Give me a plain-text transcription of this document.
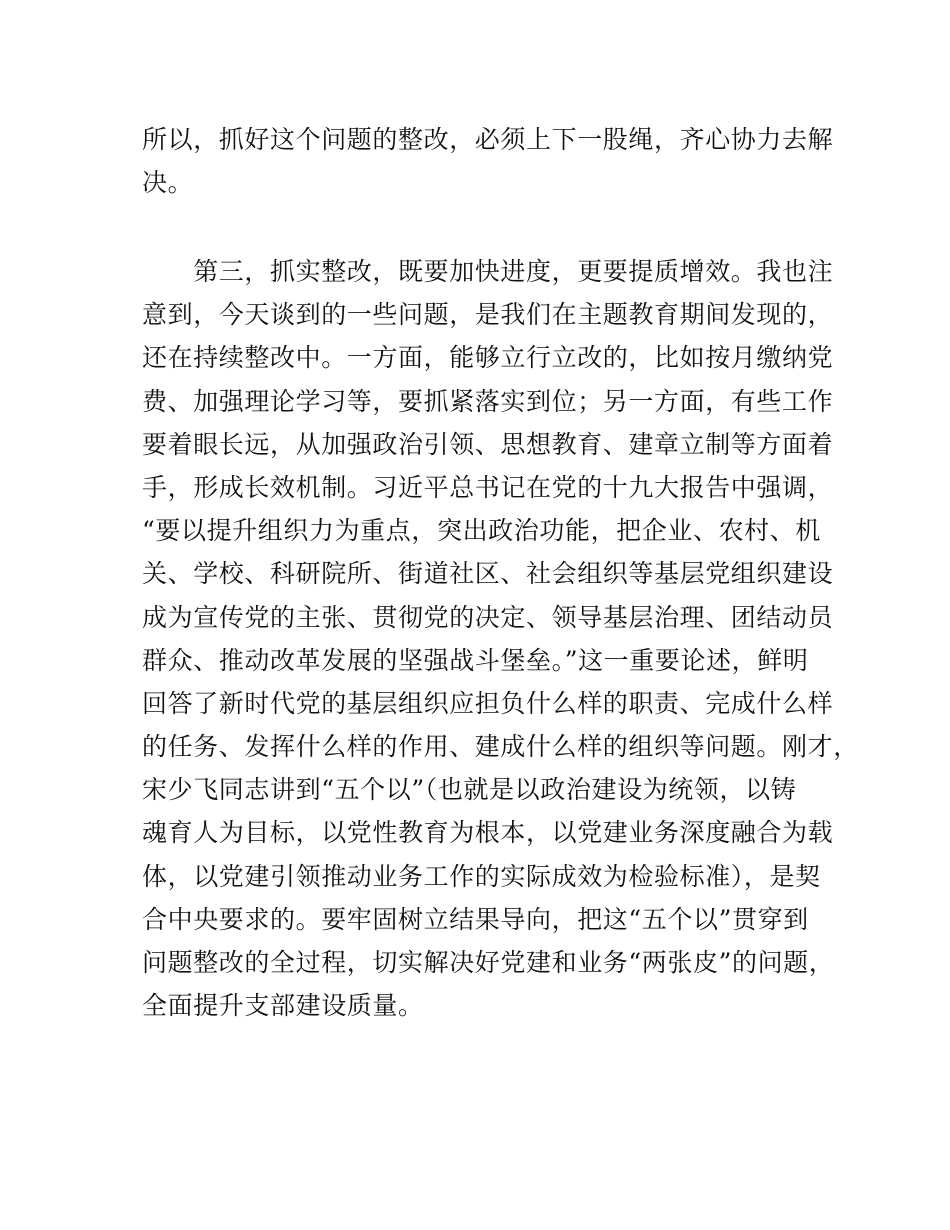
所以，抓好这个问题的整改，必须上下一股绳，齐心协力去解
决。
　　第三，抓实整改，既要加快进度，更要提质增效。我也注
意到，今天谈到的一些问题，是我们在主题教育期间发现的，
还在持续整改中。一方面，能够立行立改的，比如按月缴纳党
费、加强理论学习等，要抓紧落实到位；另一方面，有些工作
要着眼长远，从加强政治引领、思想教育、建章立制等方面着
手，形成长效机制。习近平总书记在党的十九大报告中强调，
“要以提升组织力为重点，突出政治功能，把企业、农村、机
关、学校、科研院所、街道社区、社会组织等基层党组织建设
成为宣传党的主张、贯彻党的决定、领导基层治理、团结动员
群众、推动改革发展的坚强战斗堡垒。”这一重要论述，鲜明
回答了新时代党的基层组织应担负什么样的职责、完成什么样
的任务、发挥什么样的作用、建成什么样的组织等问题。刚才，
宋少飞同志讲到“五个以”（也就是以政治建设为统领，以铸
魂育人为目标，以党性教育为根本，以党建业务深度融合为载
体，以党建引领推动业务工作的实际成效为检验标准），是契
合中央要求的。要牢固树立结果导向，把这“五个以”贯穿到
问题整改的全过程，切实解决好党建和业务“两张皮”的问题，
全面提升支部建设质量。
